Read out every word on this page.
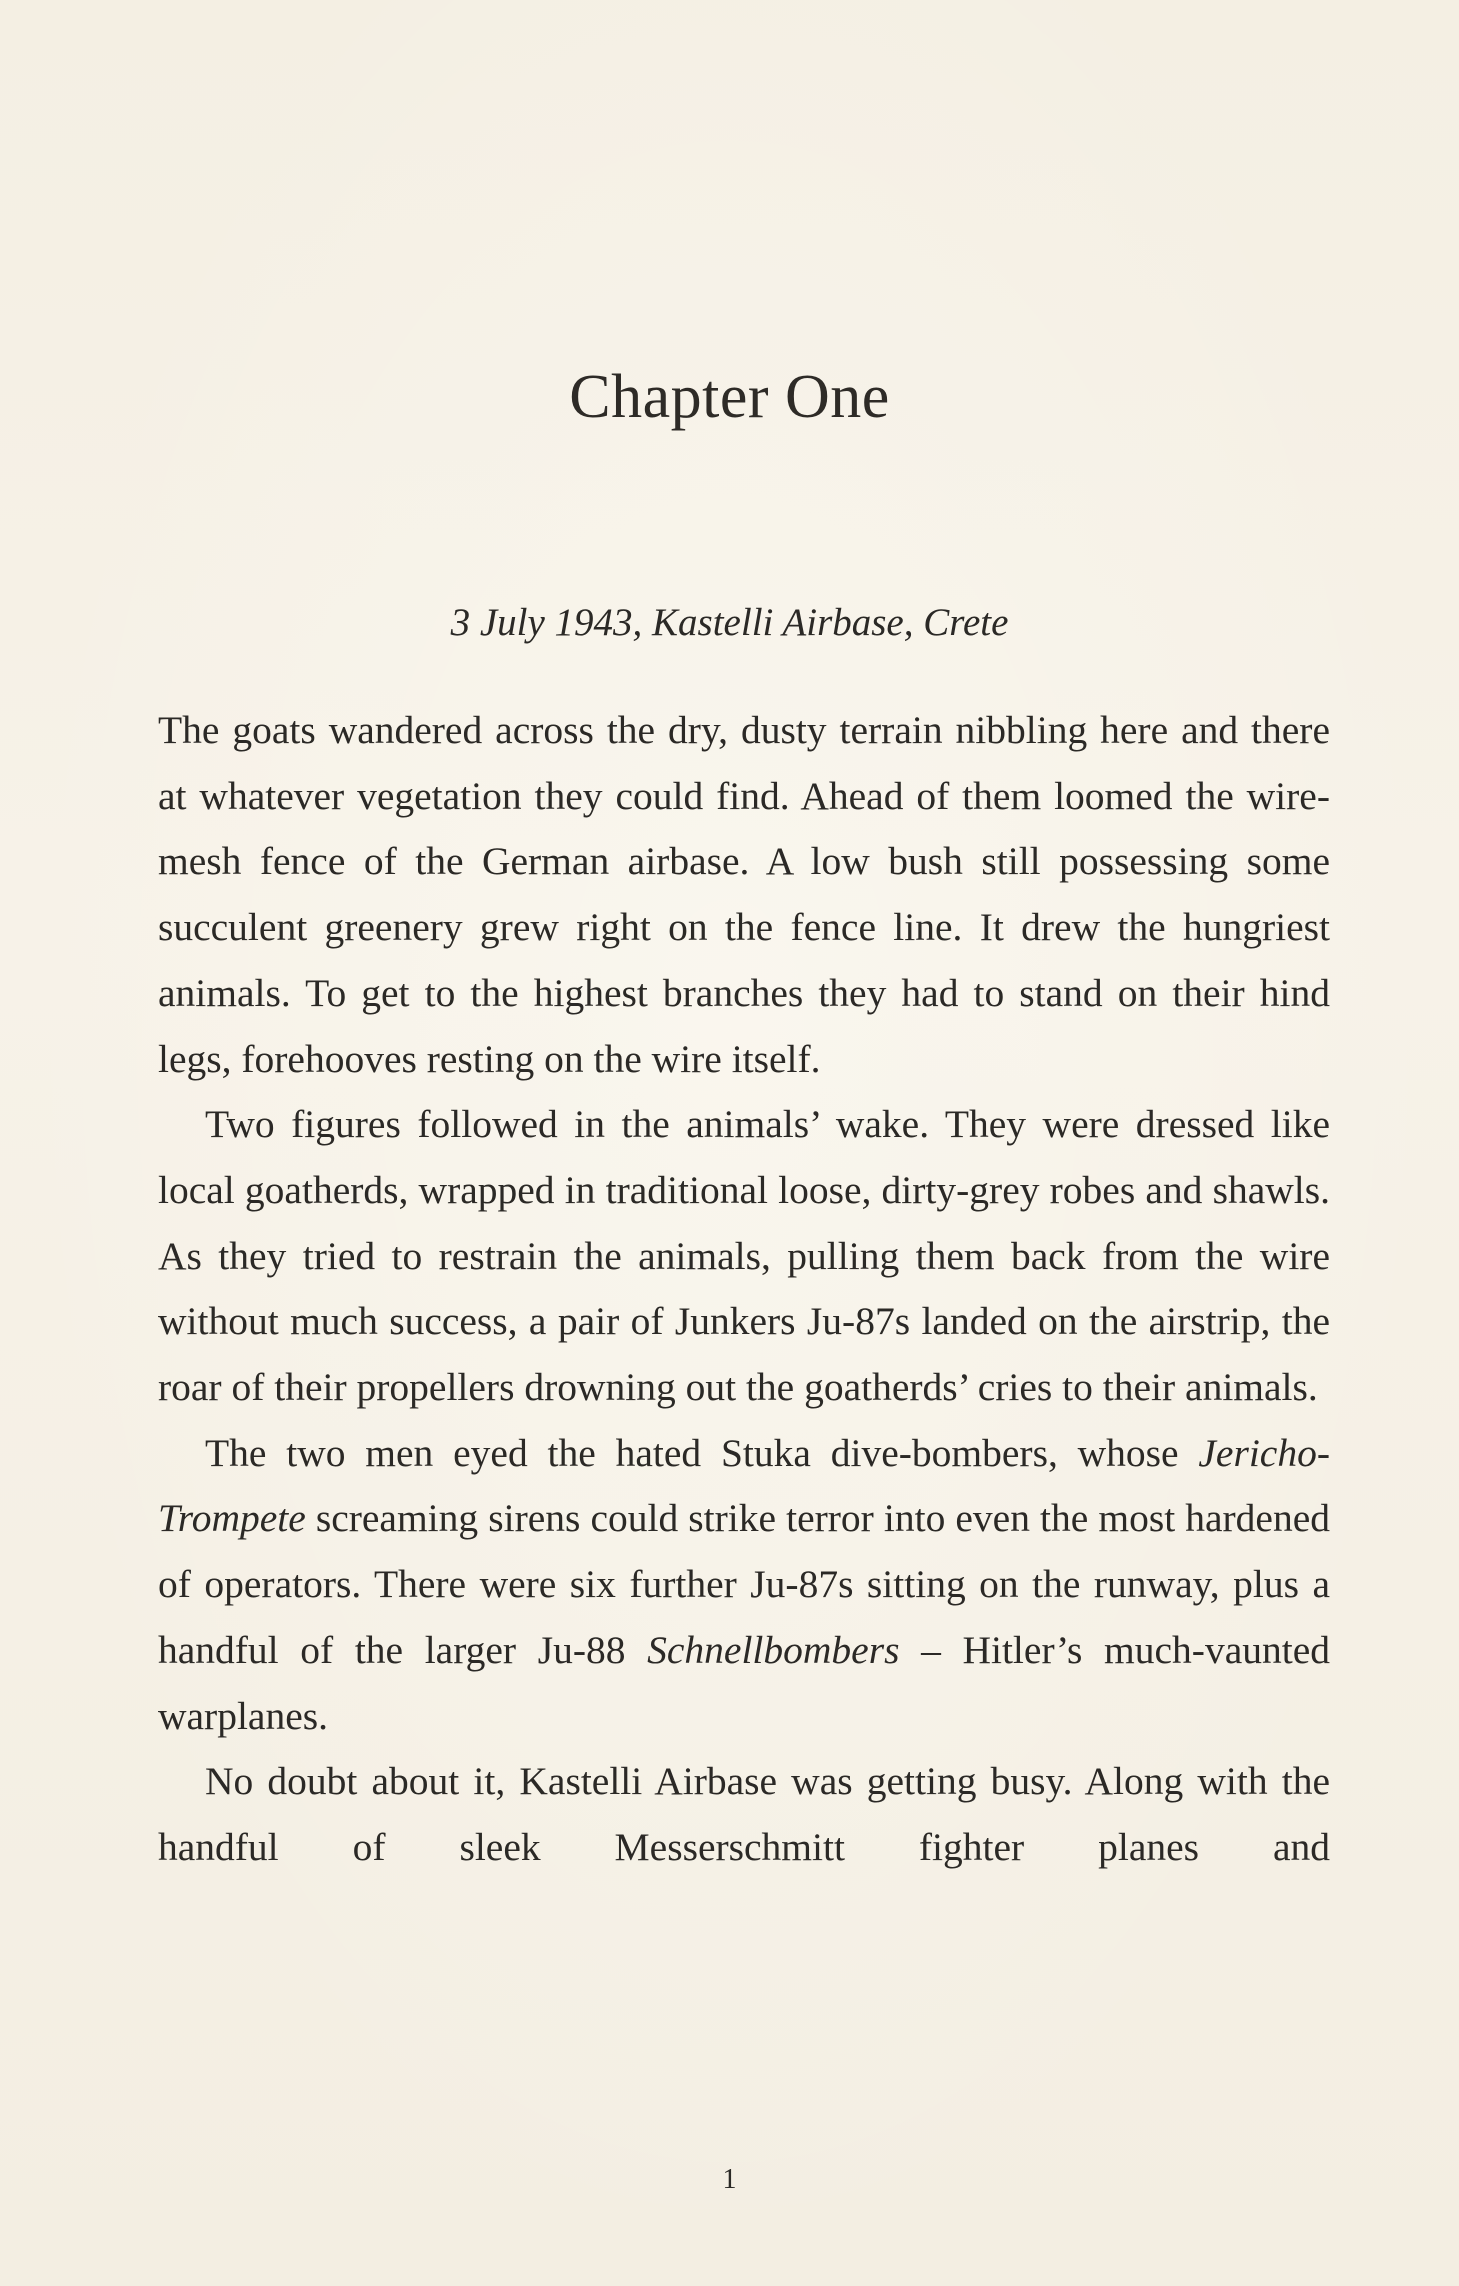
Chapter One
3 July 1943, Kastelli Airbase, Crete

The goats wandered across the dry, dusty terrain nibbling here and there at whatever vegetation they could find. Ahead of them loomed the wire-mesh fence of the German airbase. A low bush still possessing some succulent greenery grew right on the fence line. It drew the hungriest animals. To get to the highest branches they had to stand on their hind legs, forehooves resting on the wire itself.

Two figures followed in the animals’ wake. They were dressed like local goatherds, wrapped in traditional loose, dirty-grey robes and shawls. As they tried to restrain the animals, pulling them back from the wire without much success, a pair of Junkers Ju-87s landed on the airstrip, the roar of their propellers drowning out the goatherds’ cries to their animals.

The two men eyed the hated Stuka dive-bombers, whose Jericho-Trompete screaming sirens could strike terror into even the most hardened of operators. There were six further Ju-87s sitting on the runway, plus a handful of the larger Ju-88 Schnellbombers – Hitler’s much-vaunted warplanes.

No doubt about it, Kastelli Airbase was getting busy. Along with the handful of sleek Messerschmitt fighter planes and

1
